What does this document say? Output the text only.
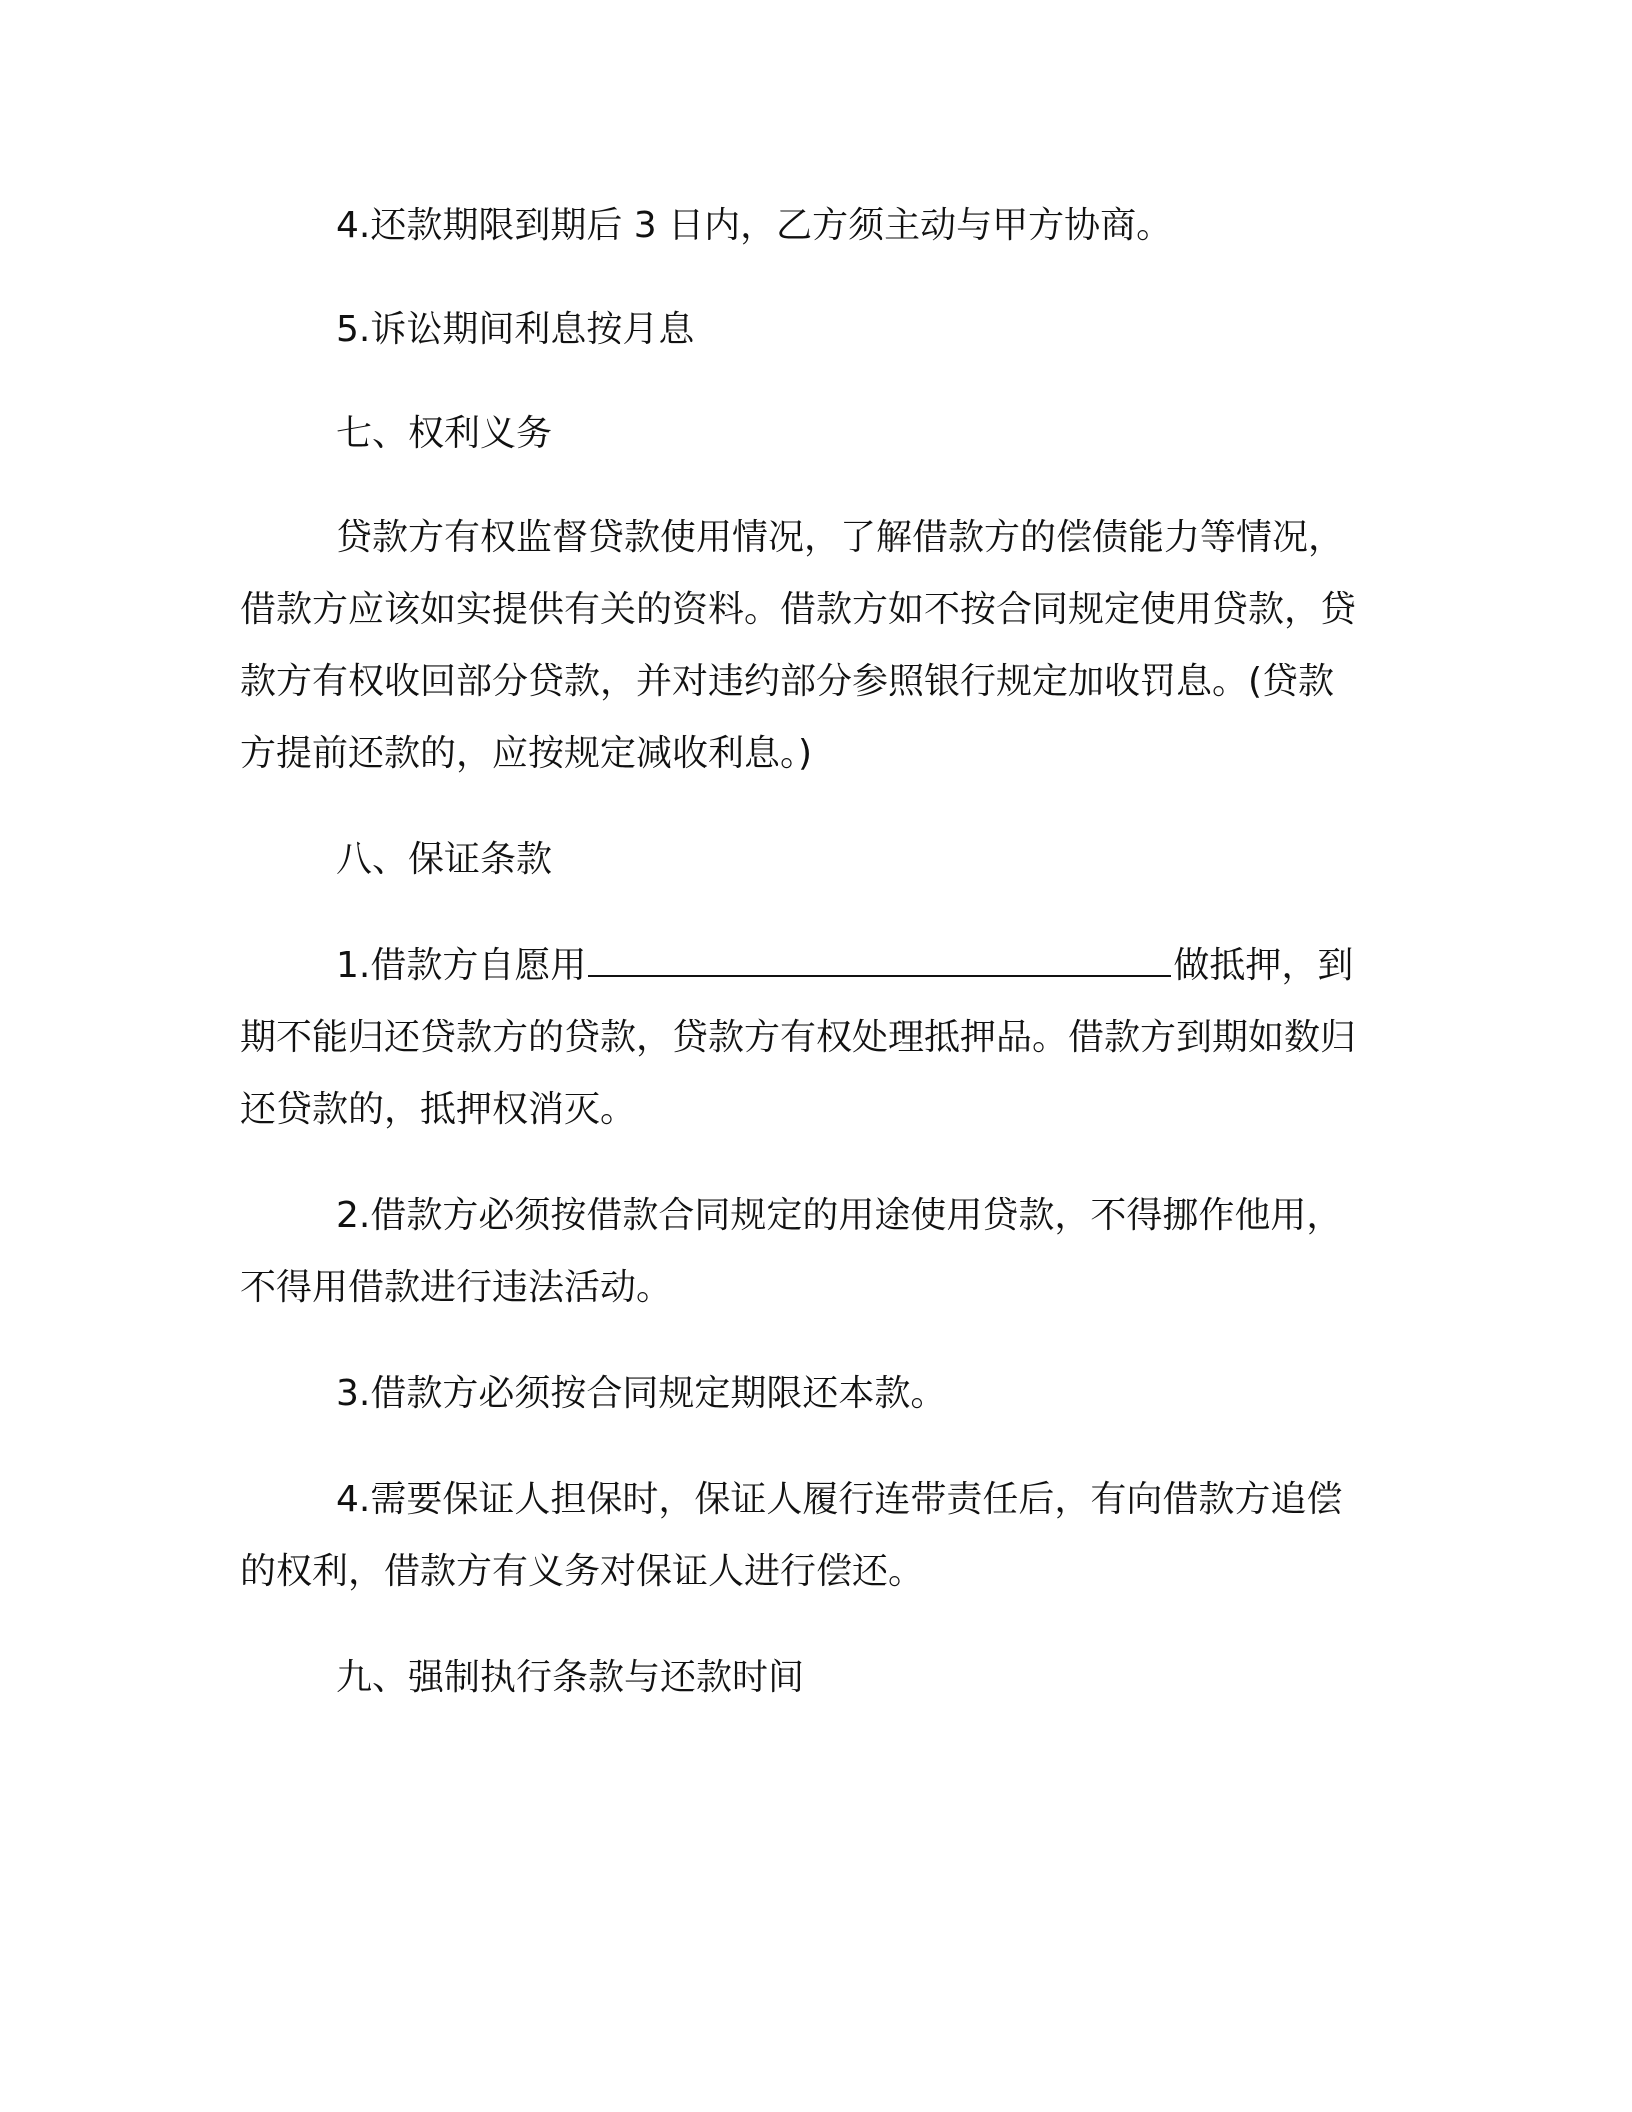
4.还款期限到期后 3 日内，乙方须主动与甲方协商。

5.诉讼期间利息按月息

七、权利义务

贷款方有权监督贷款使用情况，了解借款方的偿债能力等情况，借款方应该如实提供有关的资料。借款方如不按合同规定使用贷款，贷款方有权收回部分贷款，并对违约部分参照银行规定加收罚息。(贷款方提前还款的，应按规定减收利息。)

八、保证条款

1.借款方自愿用	做抵押，到期不能归还贷款方的贷款，贷款方有权处理抵押品。借款方到期如数归还贷款的，抵押权消灭。

2.借款方必须按借款合同规定的用途使用贷款，不得挪作他用，不得用借款进行违法活动。

3.借款方必须按合同规定期限还本款。

4.需要保证人担保时，保证人履行连带责任后，有向借款方追偿的权利，借款方有义务对保证人进行偿还。

九、强制执行条款与还款时间
